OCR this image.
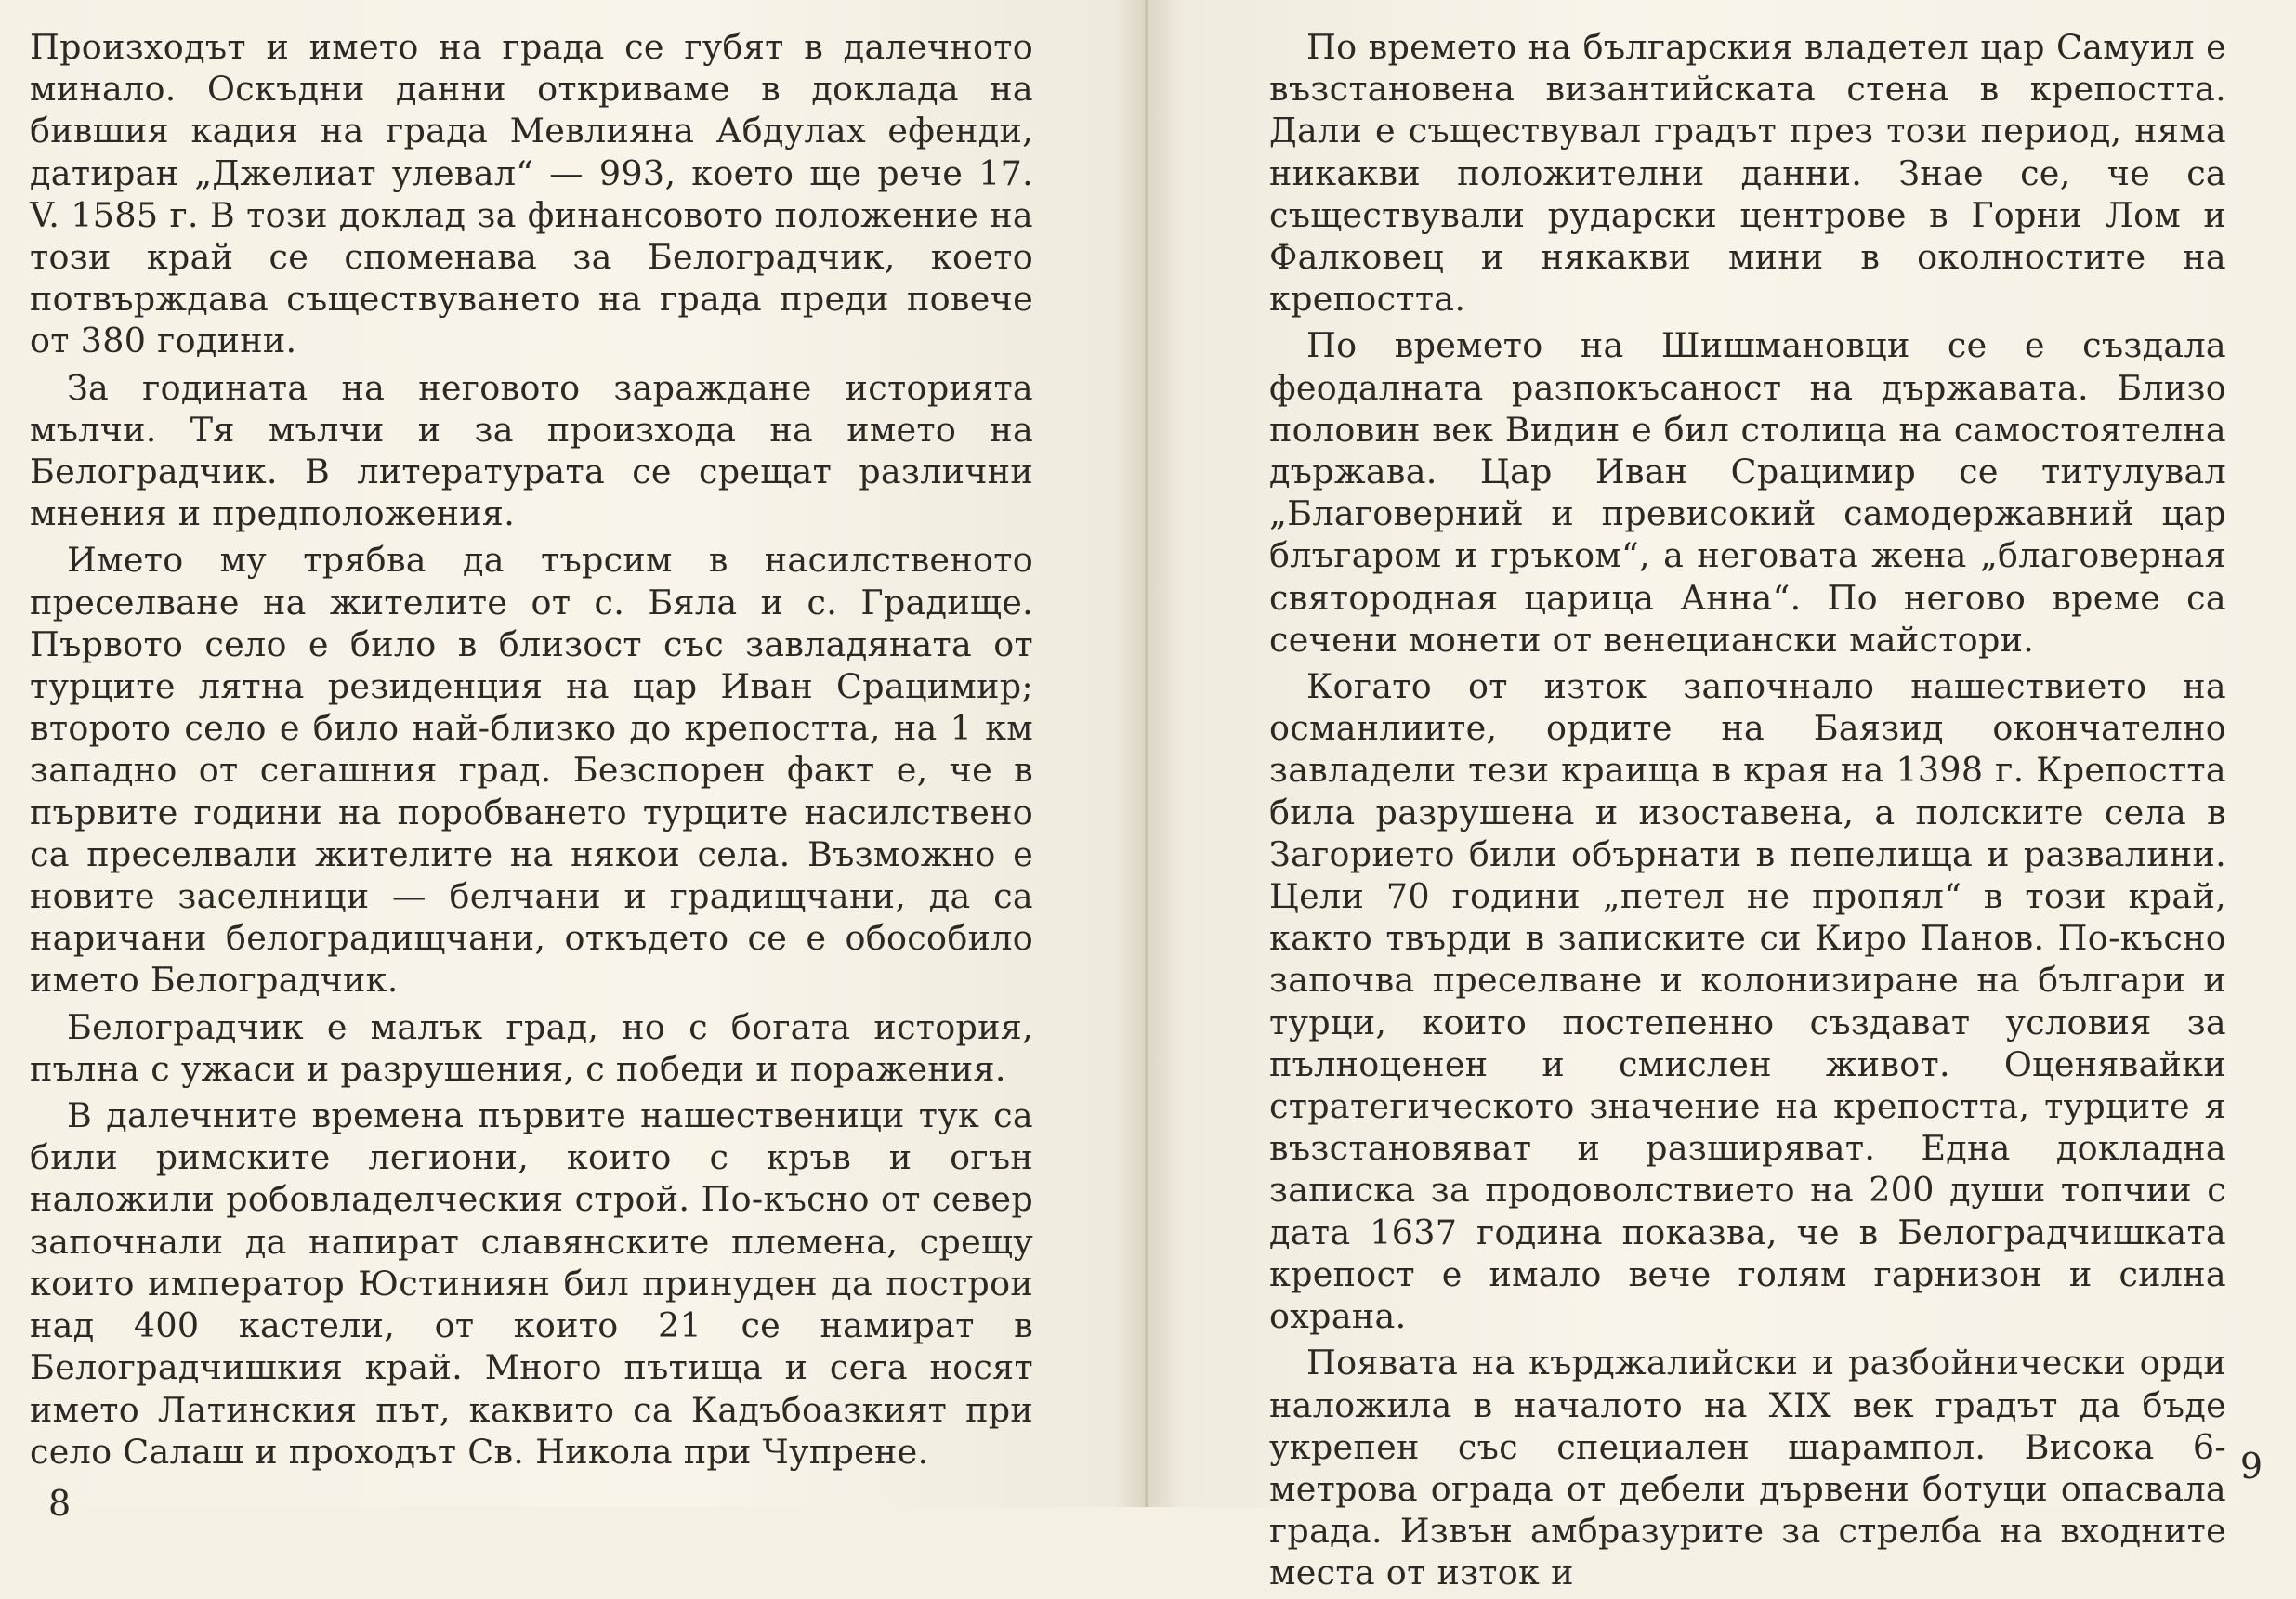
Произходът и името на града се губят в далечното минало. Оскъдни данни откриваме в доклада на бившия кадия на града Мевлияна Абдулах ефенди, датиран „Джелиат улевал“ — 993, което ще рече 17. V. 1585 г. В този доклад за финансовото положение на този край се споменава за Белоградчик, което потвърждава съществуването на града преди повече от 380 години.

За годината на неговото зараждане историята мълчи. Тя мълчи и за произхода на името на Белоградчик. В литературата се срещат различни мнения и предположения.

Името му трябва да търсим в насилственото преселване на жителите от с. Бяла и с. Градище. Първото село е било в близост със завладяната от турците лятна резиденция на цар Иван Срацимир; второто село е било най-близко до крепостта, на 1 км западно от сегашния град. Безспорен факт е, че в първите години на поробването турците насилствено са преселвали жителите на някои села. Възможно е новите заселници — белчани и градищчани, да са наричани белоградищчани, откъдето се е обособило името Белоградчик.

Белоградчик е малък град, но с богата история, пълна с ужаси и разрушения, с победи и поражения.

В далечните времена първите нашественици тук са били римските легиони, които с кръв и огън наложили робовладелческия строй. По-късно от север започнали да напират славянските племена, срещу които император Юстиниян бил принуден да построи над 400 кастели, от които 21 се намират в Белоградчишкия край. Много пътища и сега носят името Латинския път, каквито са Кадъбоазкият при село Салаш и проходът Св. Никола при Чупрене.

8

По времето на българския владетел цар Самуил е възстановена византийската стена в крепостта. Дали е съществувал градът през този период, няма никакви положителни данни. Знае се, че са съществували рударски центрове в Горни Лом и Фалковец и някакви мини в околностите на крепостта.

По времето на Шишмановци се е създала феодалната разпокъсаност на държавата. Близо половин век Видин е бил столица на самостоятелна държава. Цар Иван Срацимир се титулувал „Благоверний и превисокий самодержавний цар блъгаром и гръком“, а неговата жена „благоверная святородная царица Анна“. По негово време са сечени монети от венециански майстори.

Когато от изток започнало нашествието на османлиите, ордите на Баязид окончателно завладели тези краища в края на 1398 г. Крепостта била разрушена и изоставена, а полските села в Загорието били обърнати в пепелища и развалини. Цели 70 години „петел не пропял“ в този край, както твърди в записките си Киро Панов. По-късно започва преселване и колонизиране на българи и турци, които постепенно създават условия за пълноценен и смислен живот. Оценявайки стратегическото значение на крепостта, турците я възстановяват и разширяват. Една докладна записка за продоволствието на 200 души топчии с дата 1637 година показва, че в Белоградчишката крепост е имало вече голям гарнизон и силна охрана.

Появата на кърджалийски и разбойнически орди наложила в началото на XIX век градът да бъде укрепен със специален шарампол. Висока 6-метрова ограда от дебели дървени ботуци опасвала града. Извън амбразурите за стрелба на входните места от изток и

9
